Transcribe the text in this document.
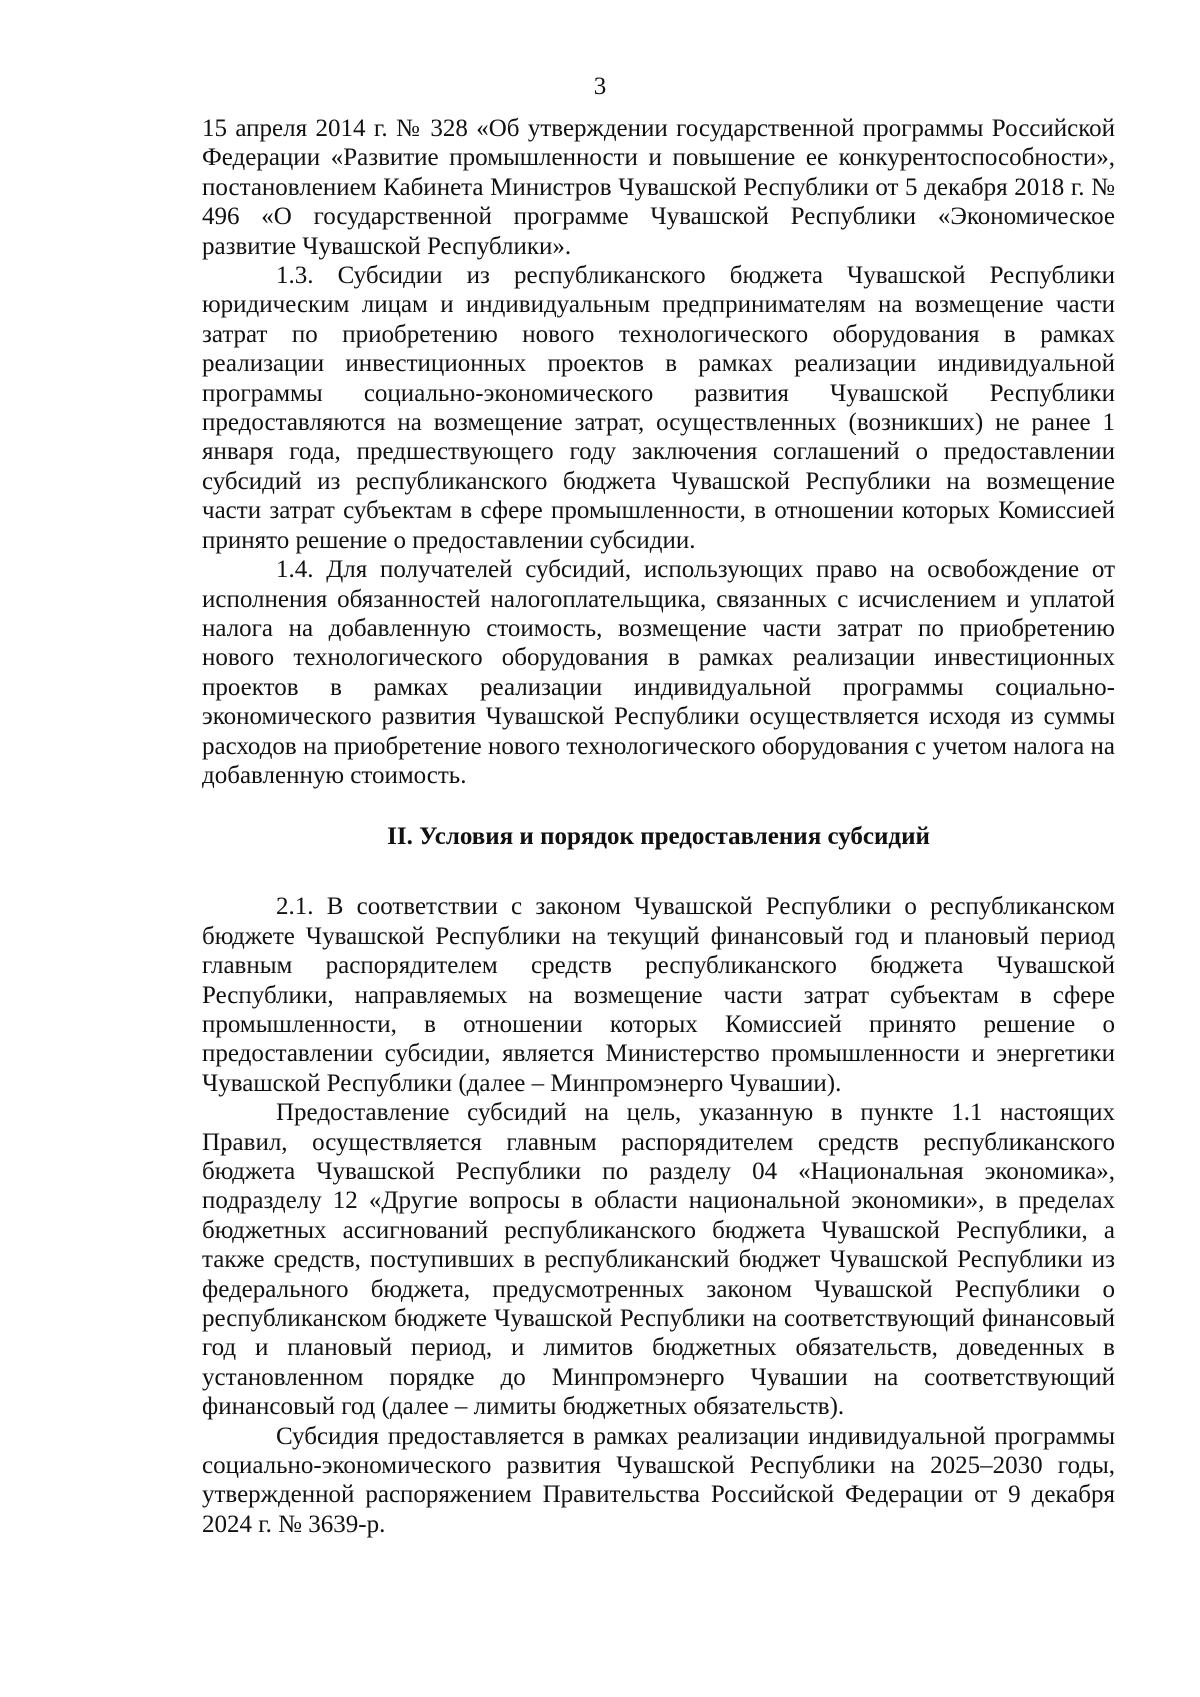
3

15 апреля 2014 г. № 328 «Об утверждении государственной программы Российской Федерации «Развитие промышленности и повышение ее конкурентоспособности», постановлением Кабинета Министров Чувашской Республики от 5 декабря 2018 г. № 496 «О государственной программе Чувашской Республики «Экономическое развитие Чувашской Республики».

1.3. Субсидии из республиканского бюджета Чувашской Республики юридическим лицам и индивидуальным предпринимателям на возмещение части затрат по приобретению нового технологического оборудования в рамках реализации инвестиционных проектов в рамках реализации индивидуальной программы социально-экономического развития Чувашской Республики предоставляются на возмещение затрат, осуществленных (возникших) не ранее 1 января года, предшествующего году заключения соглашений о предоставлении субсидий из республиканского бюджета Чувашской Республики на возмещение части затрат субъектам в сфере промышленности, в отношении которых Комиссией принято решение о предоставлении субсидии.

1.4. Для получателей субсидий, использующих право на освобождение от исполнения обязанностей налогоплательщика, связанных с исчислением и уплатой налога на добавленную стоимость, возмещение части затрат по приобретению нового технологического оборудования в рамках реализации инвестиционных проектов в рамках реализации индивидуальной программы социально-экономического развития Чувашской Республики осуществляется исходя из суммы расходов на приобретение нового технологического оборудования с учетом налога на добавленную стоимость.

II. Условия и порядок предоставления субсидий

2.1. В соответствии с законом Чувашской Республики о республиканском бюджете Чувашской Республики на текущий финансовый год и плановый период главным распорядителем средств республиканского бюджета Чувашской Республики, направляемых на возмещение части затрат субъектам в сфере промышленности, в отношении которых Комиссией принято решение о предоставлении субсидии, является Министерство промышленности и энергетики Чувашской Республики (далее – Минпромэнерго Чувашии).

Предоставление субсидий на цель, указанную в пункте 1.1 настоящих Правил, осуществляется главным распорядителем средств республиканского бюджета Чувашской Республики по разделу 04 «Национальная экономика», подразделу 12 «Другие вопросы в области национальной экономики», в пределах бюджетных ассигнований республиканского бюджета Чувашской Республики, а также средств, поступивших в республиканский бюджет Чувашской Республики из федерального бюджета, предусмотренных законом Чувашской Республики о республиканском бюджете Чувашской Республики на соответствующий финансовый год и плановый период, и лимитов бюджетных обязательств, доведенных в установленном порядке до Минпромэнерго Чувашии на соответствующий финансовый год (далее – лимиты бюджетных обязательств).

Субсидия предоставляется в рамках реализации индивидуальной программы социально-экономического развития Чувашской Республики на 2025–2030 годы, утвержденной распоряжением Правительства Российской Федерации от 9 декабря 2024 г. № 3639-р.
